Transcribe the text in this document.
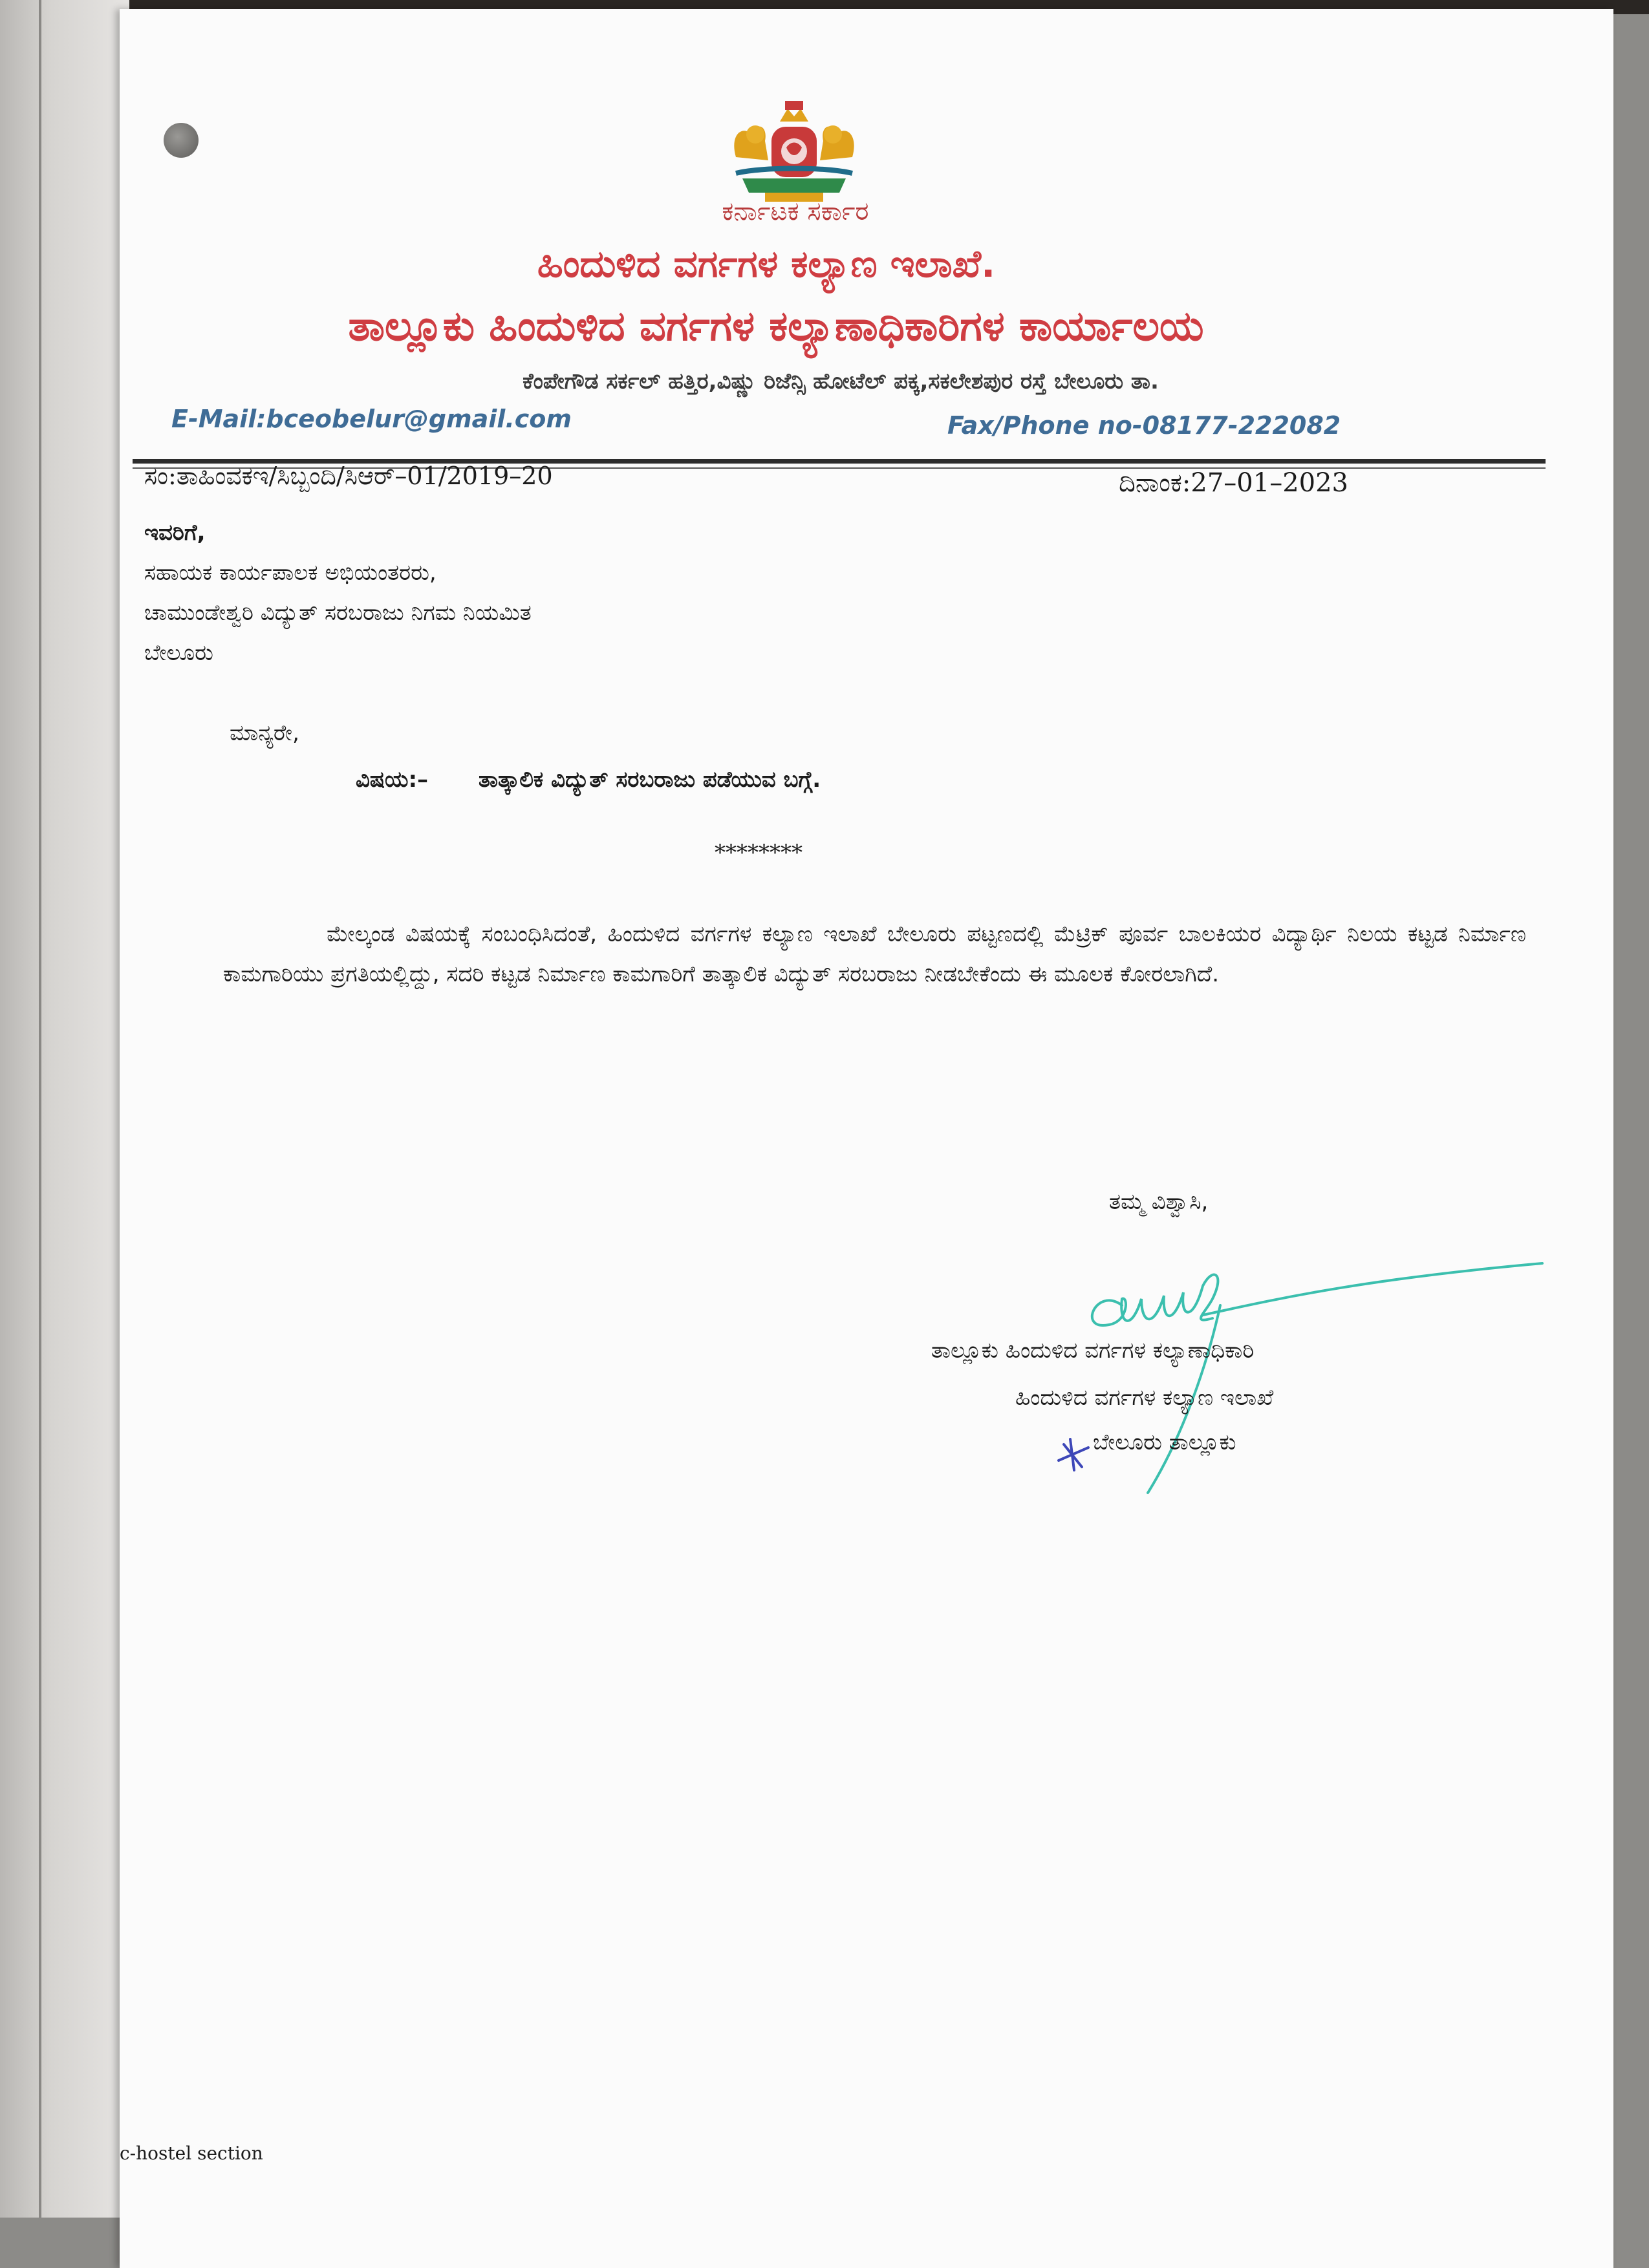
ಕರ್ನಾಟಕ ಸರ್ಕಾರ
ಹಿಂದುಳಿದ ವರ್ಗಗಳ ಕಲ್ಯಾಣ ಇಲಾಖೆ.
ತಾಲ್ಲೂಕು ಹಿಂದುಳಿದ ವರ್ಗಗಳ ಕಲ್ಯಾಣಾಧಿಕಾರಿಗಳ ಕಾರ್ಯಾಲಯ
ಕೆಂಪೇಗೌಡ ಸರ್ಕಲ್ ಹತ್ತಿರ,ವಿಷ್ಣು ರಿಜೆನ್ಸಿ ಹೋಟೆಲ್ ಪಕ್ಕ,ಸಕಲೇಶಪುರ ರಸ್ತೆ ಬೇಲೂರು ತಾ.
E-Mail:bceobelur@gmail.com	Fax/Phone no-08177-222082
ಸಂ:ತಾಹಿಂವಕಇ/ಸಿಬ್ಬಂದಿ/ಸಿಆರ್–01/2019–20	ದಿನಾಂಕ:27–01–2023
ಇವರಿಗೆ,
ಸಹಾಯಕ ಕಾರ್ಯಪಾಲಕ ಅಭಿಯಂತರರು,
ಚಾಮುಂಡೇಶ್ವರಿ ವಿದ್ಯುತ್ ಸರಬರಾಜು ನಿಗಮ ನಿಯಮಿತ
ಬೇಲೂರು
ಮಾನ್ಯರೇ,
ವಿಷಯ:– ತಾತ್ಕಾಲಿಕ ವಿದ್ಯುತ್ ಸರಬರಾಜು ಪಡೆಯುವ ಬಗ್ಗೆ.
********
ಮೇಲ್ಕಂಡ ವಿಷಯಕ್ಕೆ ಸಂಬಂಧಿಸಿದಂತೆ, ಹಿಂದುಳಿದ ವರ್ಗಗಳ ಕಲ್ಯಾಣ ಇಲಾಖೆ ಬೇಲೂರು ಪಟ್ಟಣದಲ್ಲಿ ಮೆಟ್ರಿಕ್ ಪೂರ್ವ ಬಾಲಕಿಯರ ವಿದ್ಯಾರ್ಥಿ ನಿಲಯ ಕಟ್ಟಡ ನಿರ್ಮಾಣ ಕಾಮಗಾರಿಯು ಪ್ರಗತಿಯಲ್ಲಿದ್ದು, ಸದರಿ ಕಟ್ಟಡ ನಿರ್ಮಾಣ ಕಾಮಗಾರಿಗೆ ತಾತ್ಕಾಲಿಕ ವಿದ್ಯುತ್ ಸರಬರಾಜು ನೀಡಬೇಕೆಂದು ಈ ಮೂಲಕ ಕೋರಲಾಗಿದೆ.
ತಮ್ಮ ವಿಶ್ವಾಸಿ,
ತಾಲ್ಲೂಕು ಹಿಂದುಳಿದ ವರ್ಗಗಳ ಕಲ್ಯಾಣಾಧಿಕಾರಿ
ಹಿಂದುಳಿದ ವರ್ಗಗಳ ಕಲ್ಯಾಣ ಇಲಾಖೆ
ಬೇಲೂರು ತಾಲ್ಲೂಕು
c-hostel section
